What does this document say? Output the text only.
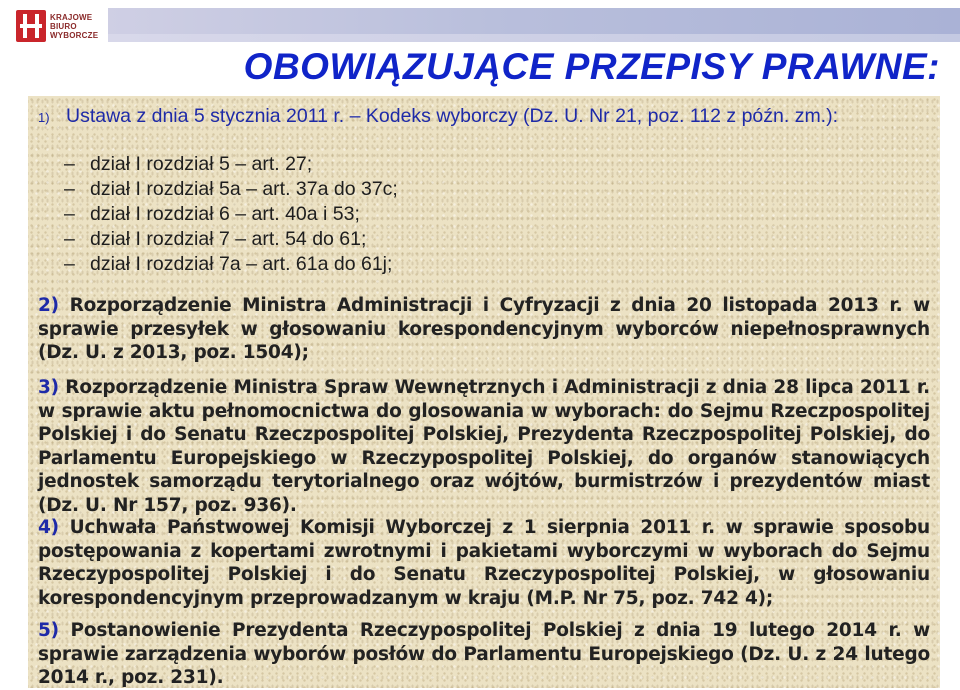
KRAJOWE
BIURO
WYBORCZE
OBOWIĄZUJĄCE PRZEPISY PRAWNE:
1) Ustawa z dnia 5 stycznia 2011 r. – Kodeks wyborczy (Dz. U. Nr 21, poz. 112 z późn. zm.):
– dział I rozdział 5 – art. 27;
– dział I rozdział 5a – art. 37a do 37c;
– dział I rozdział 6 – art. 40a i 53;
– dział I rozdział 7 – art. 54 do 61;
– dział I rozdział 7a – art. 61a do 61j;
2) Rozporządzenie Ministra Administracji i Cyfryzacji z dnia 20 listopada 2013 r. w sprawie przesyłek w głosowaniu korespondencyjnym wyborców niepełnosprawnych (Dz. U. z 2013, poz. 1504);
3) Rozporządzenie Ministra Spraw Wewnętrznych i Administracji z dnia 28 lipca 2011 r. w sprawie aktu pełnomocnictwa do glosowania w wyborach: do Sejmu Rzeczpospolitej Polskiej i do Senatu Rzeczpospolitej Polskiej, Prezydenta Rzeczpospolitej Polskiej, do Parlamentu Europejskiego w Rzeczypospolitej Polskiej, do organów stanowiących jednostek samorządu terytorialnego oraz wójtów, burmistrzów i prezydentów miast (Dz. U. Nr 157, poz. 936).
4) Uchwała Państwowej Komisji Wyborczej z 1 sierpnia 2011 r. w sprawie sposobu postępowania z kopertami zwrotnymi i pakietami wyborczymi w wyborach do Sejmu Rzeczypospolitej Polskiej i do Senatu Rzeczypospolitej Polskiej, w głosowaniu korespondencyjnym przeprowadzanym w kraju (M.P. Nr 75, poz. 742 4);
5) Postanowienie Prezydenta Rzeczypospolitej Polskiej z dnia 19 lutego 2014 r. w sprawie zarządzenia wyborów posłów do Parlamentu Europejskiego (Dz. U. z 24 lutego 2014 r., poz. 231).
